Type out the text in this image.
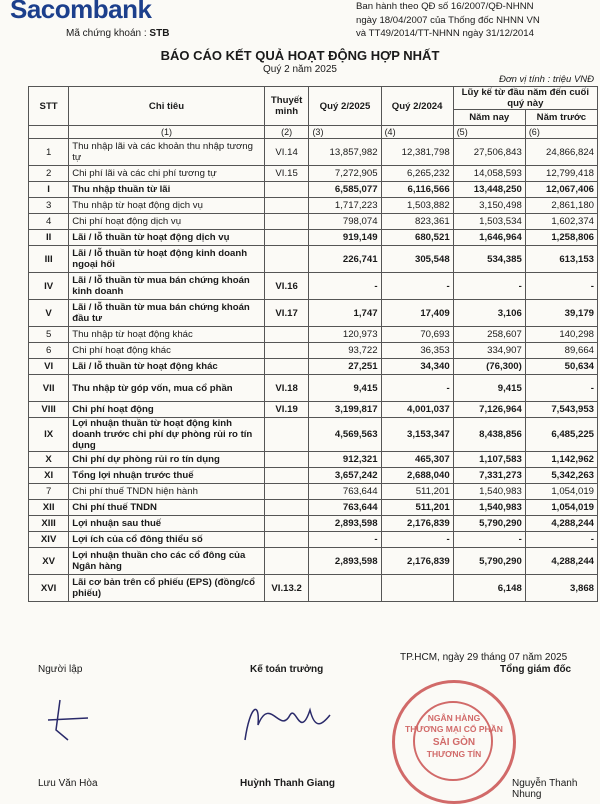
Sacombank
Mã chứng khoán : STB
Ban hành theo QĐ số 16/2007/QĐ-NHNN
ngày 18/04/2007 của Thống đốc NHNN VN
và TT49/2014/TT-NHNN ngày 31/12/2014
BÁO CÁO KẾT QUẢ HOẠT ĐỘNG HỢP NHẤT
Quý 2 năm 2025
Đơn vị tính : triệu VNĐ
STT	Chỉ tiêu	Thuyết minh	Quý 2/2025	Quý 2/2024	Lũy kế từ đầu năm đến cuối quý này	
					Năm nay	Năm trước
	(1)	(2)	(3)	(4)	(5)	(6)
1	Thu nhập lãi và các khoản thu nhập tương tự	VI.14	13,857,982	12,381,798	27,506,843	24,866,824
2	Chi phí lãi và các chi phí tương tự	VI.15	7,272,905	6,265,232	14,058,593	12,799,418
I	Thu nhập thuần từ lãi		6,585,077	6,116,566	13,448,250	12,067,406
3	Thu nhập từ hoạt động dịch vụ		1,717,223	1,503,882	3,150,498	2,861,180
4	Chi phí hoạt động dịch vụ		798,074	823,361	1,503,534	1,602,374
II	Lãi / lỗ thuần từ hoạt động dịch vụ		919,149	680,521	1,646,964	1,258,806
III	Lãi / lỗ thuần từ hoạt động kinh doanh ngoại hối		226,741	305,548	534,385	613,153
IV	Lãi / lỗ thuần từ mua bán chứng khoán kinh doanh	VI.16	-	-	-	-
V	Lãi / lỗ thuần từ mua bán chứng khoán đầu tư	VI.17	1,747	17,409	3,106	39,179
5	Thu nhập từ hoạt động khác		120,973	70,693	258,607	140,298
6	Chi phí hoạt động khác		93,722	36,353	334,907	89,664
VI	Lãi / lỗ thuần từ hoạt động khác		27,251	34,340	(76,300)	50,634
VII	Thu nhập từ góp vốn, mua cổ phần	VI.18	9,415	-	9,415	-
VIII	Chi phí hoạt động	VI.19	3,199,817	4,001,037	7,126,964	7,543,953
IX	Lợi nhuận thuần từ hoạt động kinh doanh trước chi phí dự phòng rủi ro tín dụng		4,569,563	3,153,347	8,438,856	6,485,225
X	Chi phí dự phòng rủi ro tín dụng		912,321	465,307	1,107,583	1,142,962
XI	Tổng lợi nhuận trước thuế		3,657,242	2,688,040	7,331,273	5,342,263
7	Chi phí thuế TNDN hiện hành		763,644	511,201	1,540,983	1,054,019
XII	Chi phí thuế TNDN		763,644	511,201	1,540,983	1,054,019
XIII	Lợi nhuận sau thuế		2,893,598	2,176,839	5,790,290	4,288,244
XIV	Lợi ích của cổ đông thiểu số		-	-	-	-
XV	Lợi nhuận thuần cho các cổ đông của Ngân hàng		2,893,598	2,176,839	5,790,290	4,288,244
XVI	Lãi cơ bản trên cổ phiếu (EPS) (đồng/cổ phiếu)	VI.13.2			6,148	3,868
Người lập	Kế toán trưởng
TP.HCM, ngày 29 tháng 07 năm 2025
Tổng giám đốc
NGÂN HÀNG
THƯƠNG MẠI CỔ PHẦN
SÀI GÒN
THƯƠNG TÍN
Lưu Văn Hòa	Huỳnh Thanh Giang	Nguyễn Thanh Nhung
